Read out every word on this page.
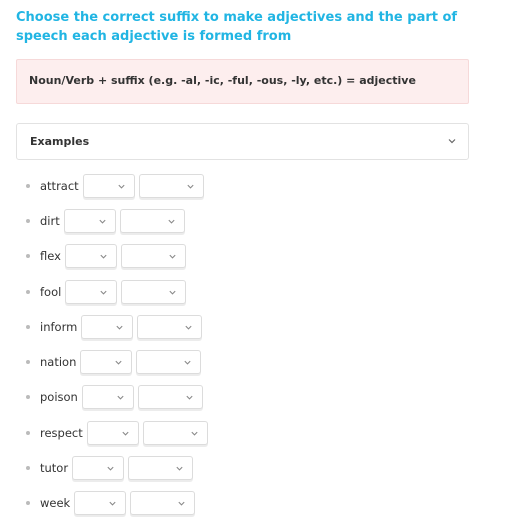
Choose the correct suffix to make adjectives and the part of speech each adjective is formed from
Noun/Verb + suffix (e.g. -al, -ic, -ful, -ous, -ly, etc.) = adjective
Examples
attract
dirt
flex
fool
inform
nation
poison
respect
tutor
week
